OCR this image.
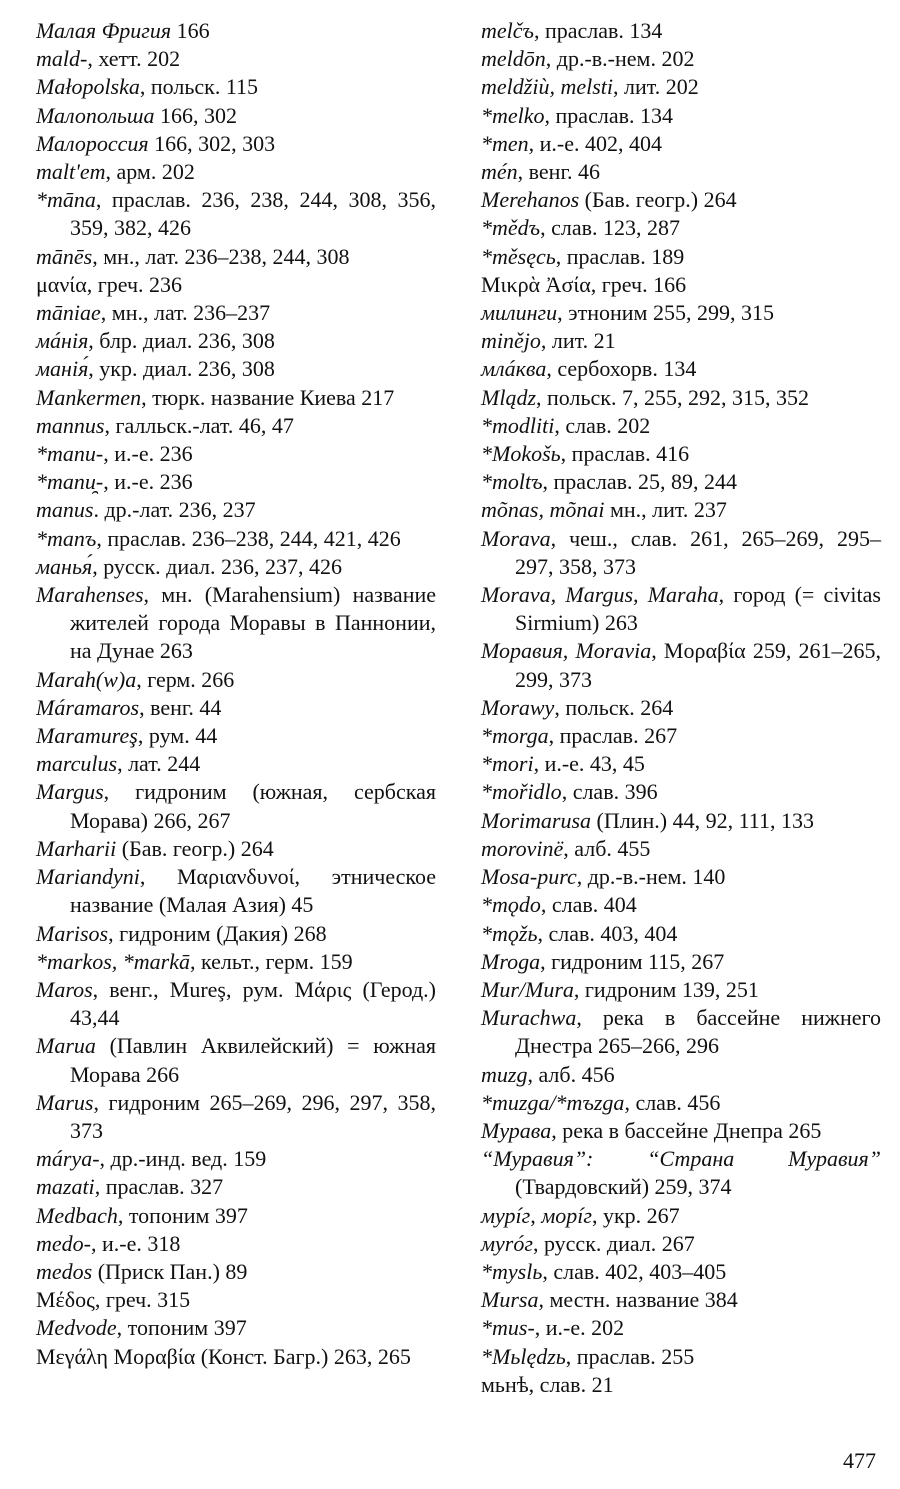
Малая Фригия 166
mald-, хетт. 202
Małopolska, польск. 115
Малопольша 166, 302
Малороссия 166, 302, 303
malt'em, арм. 202
*māna, праслав. 236, 238, 244, 308, 356, 359, 382, 426
mānēs, мн., лат. 236–238, 244, 308
μανία, греч. 236
māniae, мн., лат. 236–237
мáнiя, блр. диал. 236, 308
манiя́, укр. диал. 236, 308
Mankermen, тюрк. название Киева 217
mannus, галльск.-лат. 46, 47
*manu-, и.-е. 236
*manu̯-, и.-е. 236
manus. др.-лат. 236, 237
*manъ, праслав. 236–238, 244, 421, 426
манья́, русск. диал. 236, 237, 426
Marahenses, мн. (Marahensium) название жителей города Моравы в Паннонии, на Дунае 263
Marah(w)a, герм. 266
Máramaros, венг. 44
Maramureş, рум. 44
marculus, лат. 244
Margus, гидроним (южная, сербская Морава) 266, 267
Marharii (Бав. геогр.) 264
Mariandyni, Μαριανδυνοί, этническое название (Малая Азия) 45
Marisos, гидроним (Дакия) 268
*markos, *markā, кельт., герм. 159
Maros, венг., Mureş, рум. Μάρις (Герод.) 43,44
Marua (Павлин Аквилейский) = южная Морава 266
Marus, гидроним 265–269, 296, 297, 358, 373
márya-, др.-инд. вед. 159
mazati, праслав. 327
Medbach, топоним 397
medo-, и.-е. 318
medos (Приск Пан.) 89
Μέδος, греч. 315
Medvode, топоним 397
Μεγάλη Μοραβία (Конст. Багр.) 263, 265
melčъ, праслав. 134
meldōn, др.-в.-нем. 202
meldžiù, melsti, лит. 202
*melko, праслав. 134
*men, и.-е. 402, 404
mén, венг. 46
Merehanos (Бав. геогр.) 264
*mědъ, слав. 123, 287
*měsęсь, праслав. 189
Μικρὰ Ἀσία, греч. 166
милинги, этноним 255, 299, 315
minějo, лит. 21
млáква, сербохорв. 134
Mlądz, польск. 7, 255, 292, 315, 352
*modliti, слав. 202
*Mokošь, праслав. 416
*moltъ, праслав. 25, 89, 244
mõnas, mõnai мн., лит. 237
Morava, чеш., слав. 261, 265–269, 295–297, 358, 373
Morava, Margus, Maraha, город (= civitas Sirmium) 263
Моравия, Moravia, Μοραβία 259, 261–265, 299, 373
Morawy, польск. 264
*morga, праслав. 267
*mori, и.-е. 43, 45
*mořidlo, слав. 396
Morimarusa (Плин.) 44, 92, 111, 133
morovinë, алб. 455
Mosa-purc, др.-в.-нем. 140
*mǫdo, слав. 404
*mǫžь, слав. 403, 404
Mroga, гидроним 115, 267
Mur/Mura, гидроним 139, 251
Murachwa, река в бассейне нижнего Днестра 265–266, 296
muzg, алб. 456
*muzga/*mъzga, слав. 456
Мурава, река в бассейне Днепра 265
“Муравия”: “Страна Муравия” (Твардовский) 259, 374
мурíг, морíг, укр. 267
муróг, русск. диал. 267
*myslь, слав. 402, 403–405
Mursa, местн. название 384
*mus-, и.-е. 202
*Мьlędzь, праслав. 255
мьнѣ, слав. 21
477
